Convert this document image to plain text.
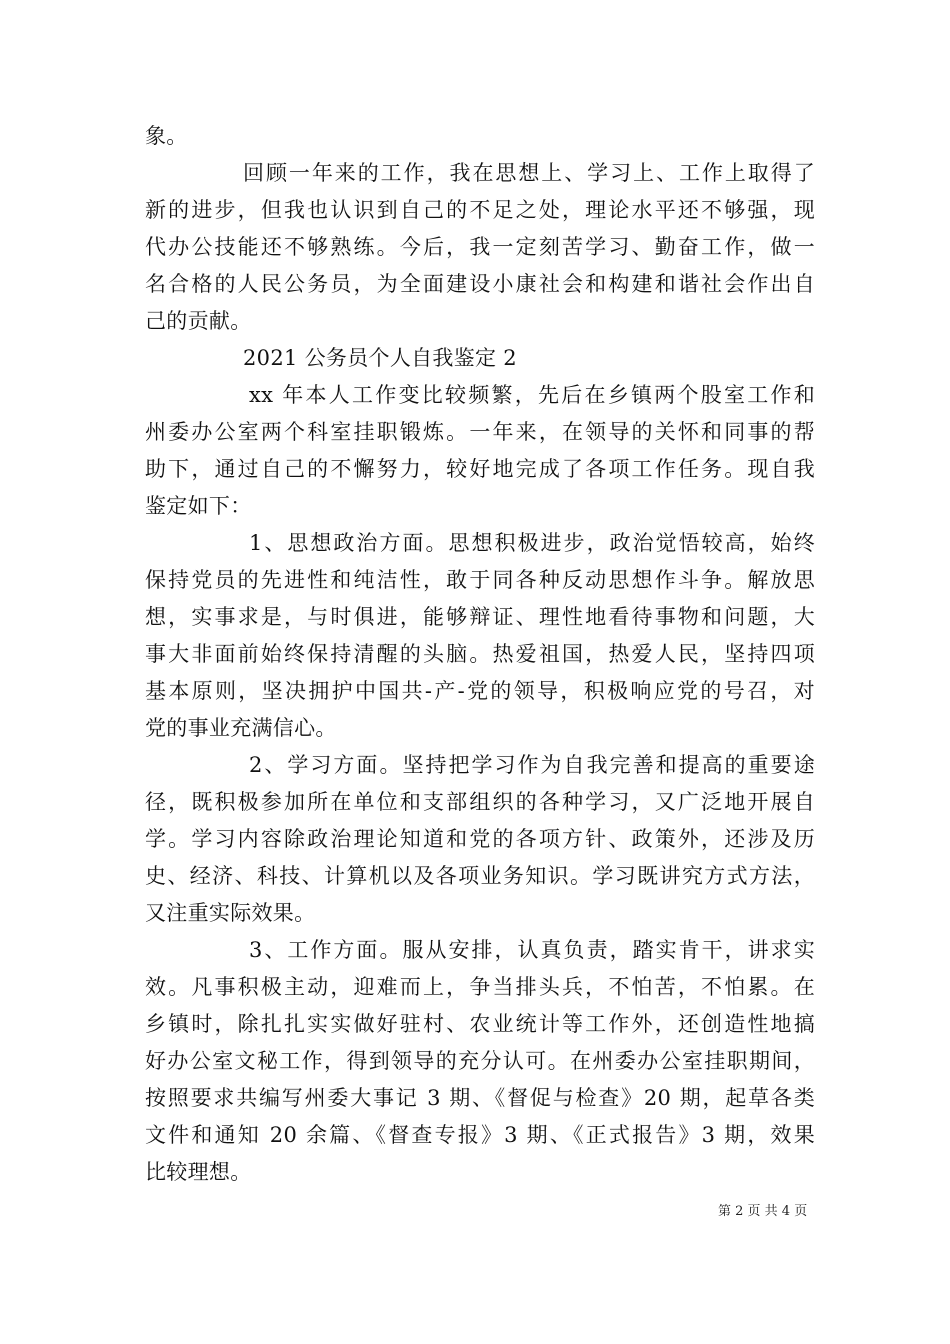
象。
回顾一年来的工作，我在思想上、学习上、工作上取得了
新的进步，但我也认识到自己的不足之处，理论水平还不够强，现
代办公技能还不够熟练。今后，我一定刻苦学习、勤奋工作，做一
名合格的人民公务员，为全面建设小康社会和构建和谐社会作出自
己的贡献。
2021 公务员个人自我鉴定 2
xx 年本人工作变比较频繁，先后在乡镇两个股室工作和
州委办公室两个科室挂职锻炼。一年来，在领导的关怀和同事的帮
助下，通过自己的不懈努力，较好地完成了各项工作任务。现自我
鉴定如下：
1、思想政治方面。思想积极进步，政治觉悟较高，始终
保持党员的先进性和纯洁性，敢于同各种反动思想作斗争。解放思
想，实事求是，与时俱进，能够辩证、理性地看待事物和问题，大
事大非面前始终保持清醒的头脑。热爱祖国，热爱人民，坚持四项
基本原则，坚决拥护中国共-产-党的领导，积极响应党的号召，对
党的事业充满信心。
2、学习方面。坚持把学习作为自我完善和提高的重要途
径，既积极参加所在单位和支部组织的各种学习，又广泛地开展自
学。学习内容除政治理论知道和党的各项方针、政策外，还涉及历
史、经济、科技、计算机以及各项业务知识。学习既讲究方式方法，
又注重实际效果。
3、工作方面。服从安排，认真负责，踏实肯干，讲求实
效。凡事积极主动，迎难而上，争当排头兵，不怕苦，不怕累。在
乡镇时，除扎扎实实做好驻村、农业统计等工作外，还创造性地搞
好办公室文秘工作，得到领导的充分认可。在州委办公室挂职期间，
按照要求共编写州委大事记 3 期、《督促与检查》20 期，起草各类
文件和通知 20 余篇、《督查专报》3 期、《正式报告》3 期，效果
比较理想。
第 2 页 共 4 页
